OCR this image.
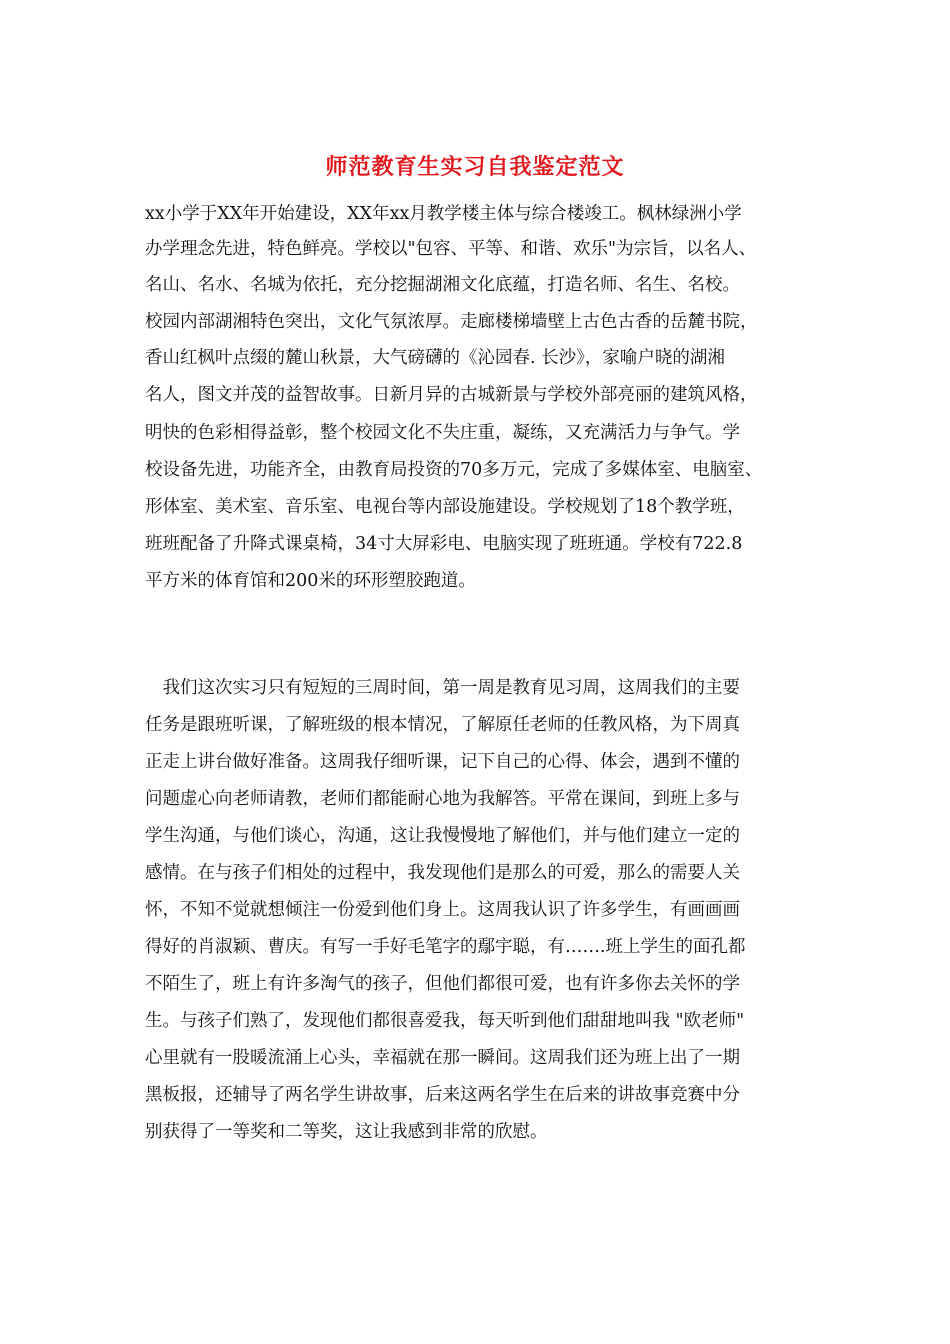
师范教育生实习自我鉴定范文
xx小学于XX年开始建设，XX年xx月教学楼主体与综合楼竣工。枫林绿洲小学
办学理念先进，特色鲜亮。学校以"包容、平等、和谐、欢乐"为宗旨，以名人、
名山、名水、名城为依托，充分挖掘湖湘文化底蕴，打造名师、名生、名校。
校园内部湖湘特色突出，文化气氛浓厚。走廊楼梯墙壁上古色古香的岳麓书院，
香山红枫叶点缀的麓山秋景，大气磅礴的《沁园春. 长沙》，家喻户晓的湖湘
名人，图文并茂的益智故事。日新月异的古城新景与学校外部亮丽的建筑风格，
明快的色彩相得益彰，整个校园文化不失庄重，凝练，又充满活力与争气。学
校设备先进，功能齐全，由教育局投资的70多万元，完成了多媒体室、电脑室、
形体室、美术室、音乐室、电视台等内部设施建设。学校规划了18个教学班，
班班配备了升降式课桌椅，34寸大屏彩电、电脑实现了班班通。学校有722.8
平方米的体育馆和200米的环形塑胶跑道。
　我们这次实习只有短短的三周时间，第一周是教育见习周，这周我们的主要
任务是跟班听课，了解班级的根本情况，了解原任老师的任教风格，为下周真
正走上讲台做好准备。这周我仔细听课，记下自己的心得、体会，遇到不懂的
问题虚心向老师请教，老师们都能耐心地为我解答。平常在课间，到班上多与
学生沟通，与他们谈心，沟通，这让我慢慢地了解他们，并与他们建立一定的
感情。在与孩子们相处的过程中，我发现他们是那么的可爱，那么的需要人关
怀，不知不觉就想倾注一份爱到他们身上。这周我认识了许多学生，有画画画
得好的肖淑颖、曹庆。有写一手好毛笔字的鄢宇聪，有…….班上学生的面孔都
不陌生了，班上有许多淘气的孩子，但他们都很可爱，也有许多你去关怀的学
生。与孩子们熟了，发现他们都很喜爱我，每天听到他们甜甜地叫我 "欧老师"
心里就有一股暖流涌上心头，幸福就在那一瞬间。这周我们还为班上出了一期
黑板报，还辅导了两名学生讲故事，后来这两名学生在后来的讲故事竞赛中分
别获得了一等奖和二等奖，这让我感到非常的欣慰。
